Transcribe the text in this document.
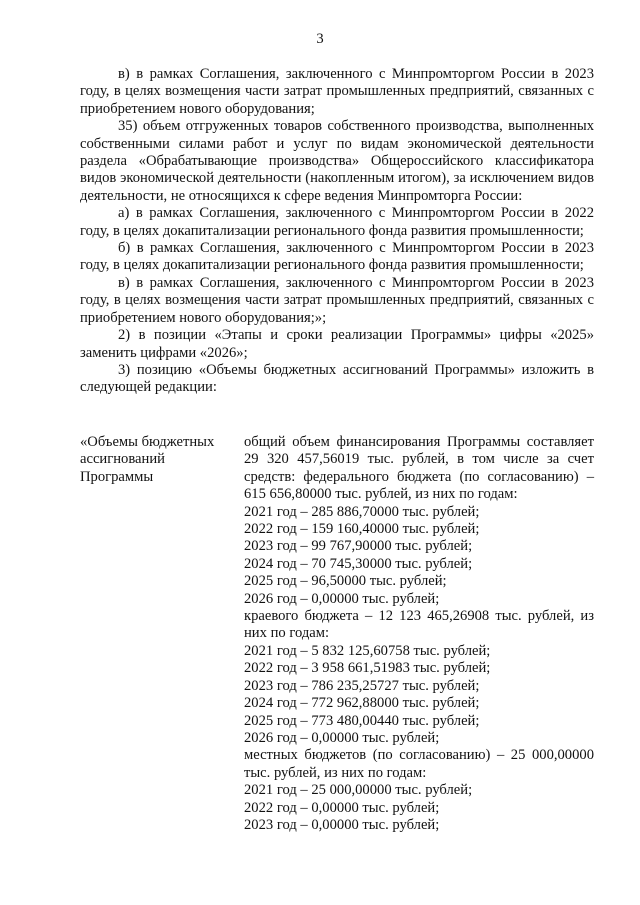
3

в) в рамках Соглашения, заключенного с Минпромторгом России в 2023 году, в целях возмещения части затрат промышленных предприятий, связанных с приобретением нового оборудования;

35) объем отгруженных товаров собственного производства, выполненных собственными силами работ и услуг по видам экономической деятельности раздела «Обрабатывающие производства» Общероссийского классификатора видов экономической деятельности (накопленным итогом), за исключением видов деятельности, не относящихся к сфере ведения Минпромторга России:

а) в рамках Соглашения, заключенного с Минпромторгом России в 2022 году, в целях докапитализации регионального фонда развития промышленности;

б) в рамках Соглашения, заключенного с Минпромторгом России в 2023 году, в целях докапитализации регионального фонда развития промышленности;

в) в рамках Соглашения, заключенного с Минпромторгом России в 2023 году, в целях возмещения части затрат промышленных предприятий, связанных с приобретением нового оборудования;»;

2) в позиции «Этапы и сроки реализации Программы» цифры «2025» заменить цифрами «2026»;

3) позицию «Объемы бюджетных ассигнований Программы» изложить в следующей редакции:

«Объемы бюджетных ассигнований Программы

общий объем финансирования Программы составляет 29 320 457,56019 тыс. рублей, в том числе за счет средств: федерального бюджета (по согласованию) – 615 656,80000 тыс. рублей, из них по годам:

2021 год – 285 886,70000 тыс. рублей;

2022 год – 159 160,40000 тыс. рублей;

2023 год – 99 767,90000 тыс. рублей;

2024 год – 70 745,30000 тыс. рублей;

2025 год – 96,50000 тыс. рублей;

2026 год – 0,00000 тыс. рублей;

краевого бюджета – 12 123 465,26908 тыс. рублей, из них по годам:

2021 год – 5 832 125,60758 тыс. рублей;

2022 год – 3 958 661,51983 тыс. рублей;

2023 год – 786 235,25727 тыс. рублей;

2024 год – 772 962,88000 тыс. рублей;

2025 год – 773 480,00440 тыс. рублей;

2026 год – 0,00000 тыс. рублей;

местных бюджетов (по согласованию) – 25 000,00000 тыс. рублей, из них по годам:

2021 год – 25 000,00000 тыс. рублей;

2022 год – 0,00000 тыс. рублей;

2023 год – 0,00000 тыс. рублей;
